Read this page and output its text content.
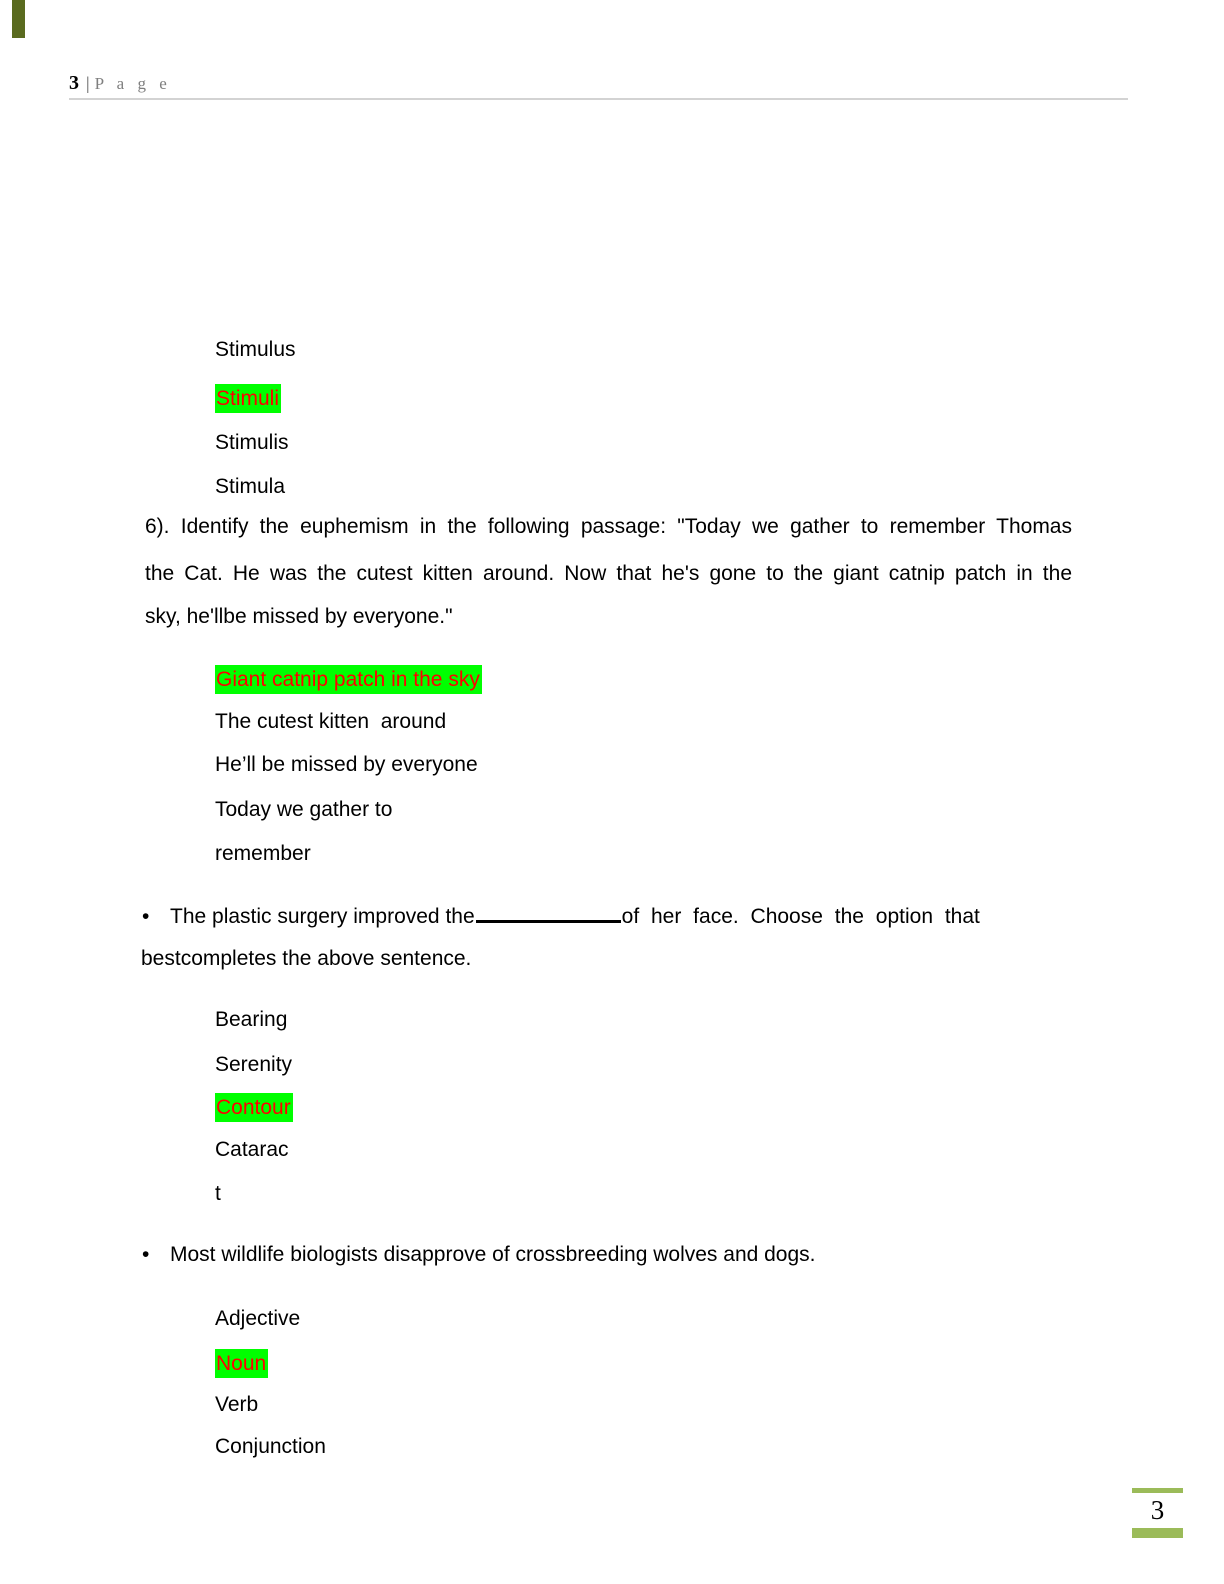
3 | P a g e
Stimulus
Stimuli
Stimulis
Stimula
6). Identify the euphemism in the following passage: "Today we gather to remember Thomas
the Cat. He was the cutest kitten around. Now that he's gone to the giant catnip patch in the
sky, he'llbe missed by everyone."
Giant catnip patch in the sky
The cutest kitten  around
He’ll be missed by everyone
Today we gather to
remember
• The plastic surgery improved the	of her face. Choose the option that
bestcompletes the above sentence.
Bearing
Serenity
Contour
Catarac
t
• Most wildlife biologists disapprove of crossbreeding wolves and dogs.
Adjective
Noun
Verb
Conjunction
3
